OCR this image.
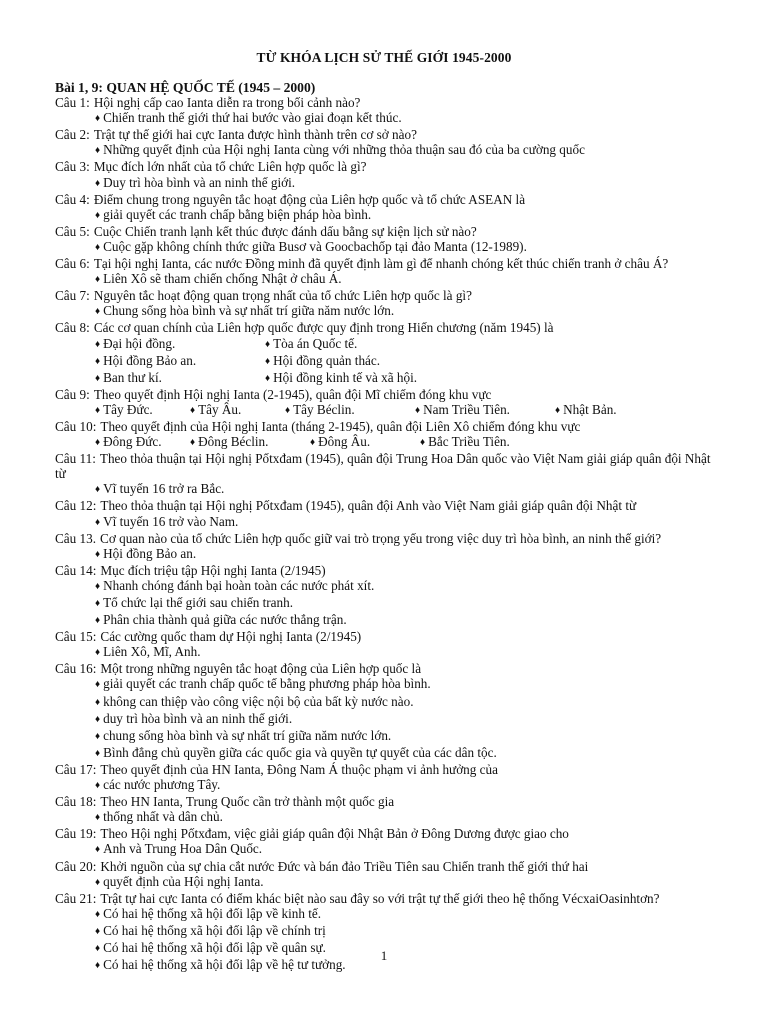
TỪ KHÓA LỊCH SỬ THẾ GIỚI 1945-2000
Bài 1, 9: QUAN HỆ QUỐC TẾ (1945 – 2000)
Câu 1: Hội nghị cấp cao Ianta diễn ra trong bối cảnh nào?
♦ Chiến tranh thế giới thứ hai bước vào giai đoạn kết thúc.
Câu 2: Trật tự thế giới hai cực Ianta được hình thành trên cơ sở nào?
♦ Những quyết định của Hội nghị Ianta cùng với những thỏa thuận sau đó của ba cường quốc
Câu 3: Mục đích lớn nhất của tổ chức Liên hợp quốc là gì?
♦ Duy trì hòa bình và an ninh thế giới.
Câu 4: Điểm chung trong nguyên tắc hoạt động của Liên hợp quốc và tổ chức ASEAN là
♦ giải quyết các tranh chấp bằng biện pháp hòa bình.
Câu 5: Cuộc Chiến tranh lạnh kết thúc được đánh dấu bằng sự kiện lịch sử nào?
♦ Cuộc gặp không chính thức giữa Busơ và Goocbachốp tại đảo Manta (12-1989).
Câu 6: Tại hội nghị Ianta, các nước Đồng minh đã quyết định làm gì để nhanh chóng kết thúc chiến tranh ở châu Á?
♦ Liên Xô sẽ tham chiến chống Nhật ở châu Á.
Câu 7: Nguyên tắc hoạt động quan trọng nhất của tổ chức Liên hợp quốc là gì?
♦ Chung sống hòa bình và sự nhất trí giữa năm nước lớn.
Câu 8: Các cơ quan chính của Liên hợp quốc được quy định trong Hiến chương (năm 1945) là
♦ Đại hội đồng.	♦ Tòa án Quốc tế.
♦ Hội đồng Bảo an.	♦ Hội đồng quản thác.
♦ Ban thư kí.	♦ Hội đồng kinh tế và xã hội.
Câu 9: Theo quyết định Hội nghị Ianta (2-1945), quân đội Mĩ chiếm đóng khu vực
♦ Tây Đức.	♦ Tây Âu.	♦ Tây Béclin.	♦ Nam Triều Tiên.	♦ Nhật Bản.
Câu 10: Theo quyết định của Hội nghị Ianta (tháng 2-1945), quân đội Liên Xô chiếm đóng khu vực
♦ Đông Đức.	♦ Đông Béclin.	♦ Đông Âu.	♦ Bắc Triều Tiên.
Câu 11: Theo thỏa thuận tại Hội nghị Pốtxđam (1945), quân đội Trung Hoa Dân quốc vào Việt Nam giải giáp quân đội Nhật từ
♦ Vĩ tuyến 16 trở ra Bắc.
Câu 12: Theo thỏa thuận tại Hội nghị Pốtxđam (1945), quân đội Anh vào Việt Nam giải giáp quân đội Nhật từ
♦ Vĩ tuyến 16 trở vào Nam.
Câu 13. Cơ quan nào của tổ chức Liên hợp quốc giữ vai trò trọng yếu trong việc duy trì hòa bình, an ninh thế giới?
♦ Hội đồng Bảo an.
Câu 14: Mục đích triệu tập Hội nghị Ianta (2/1945)
♦ Nhanh chóng đánh bại hoàn toàn các nước phát xít.
♦ Tổ chức lại thế giới sau chiến tranh.
♦ Phân chia thành quả giữa các nước thắng trận.
Câu 15: Các cường quốc tham dự Hội nghị Ianta (2/1945)
♦ Liên Xô, Mĩ, Anh.
Câu 16: Một trong những nguyên tắc hoạt động của Liên hợp quốc là
♦ giải quyết các tranh chấp quốc tế bằng phương pháp hòa bình.
♦ không can thiệp vào công việc nội bộ của bất kỳ nước nào.
♦ duy trì hòa bình và an ninh thế giới.
♦ chung sống hòa bình và sự nhất trí giữa năm nước lớn.
♦ Bình đẳng chủ quyền giữa các quốc gia và quyền tự quyết của các dân tộc.
Câu 17: Theo quyết định của HN Ianta, Đông Nam Á thuộc phạm vi ảnh hưởng của
♦ các nước phương Tây.
Câu 18: Theo HN Ianta, Trung Quốc cần trở thành một quốc gia
♦ thống nhất và dân chủ.
Câu 19: Theo Hội nghị Pốtxđam, việc giải giáp quân đội Nhật Bản ở Đông Dương được giao cho
♦ Anh và Trung Hoa Dân Quốc.
Câu 20: Khởi nguồn của sự chia cắt nước Đức và bán đảo Triều Tiên sau Chiến tranh thế giới thứ hai
♦ quyết định của Hội nghị Ianta.
Câu 21: Trật tự hai cực Ianta có điểm khác biệt nào sau đây so với trật tự thế giới theo hệ thống VécxaiOasinhtơn?
♦ Có hai hệ thống xã hội đối lập về kinh tế.
♦ Có hai hệ thống xã hội đối lập về chính trị
♦ Có hai hệ thống xã hội đối lập về quân sự.
♦ Có hai hệ thống xã hội đối lập về hệ tư tưởng.
1
